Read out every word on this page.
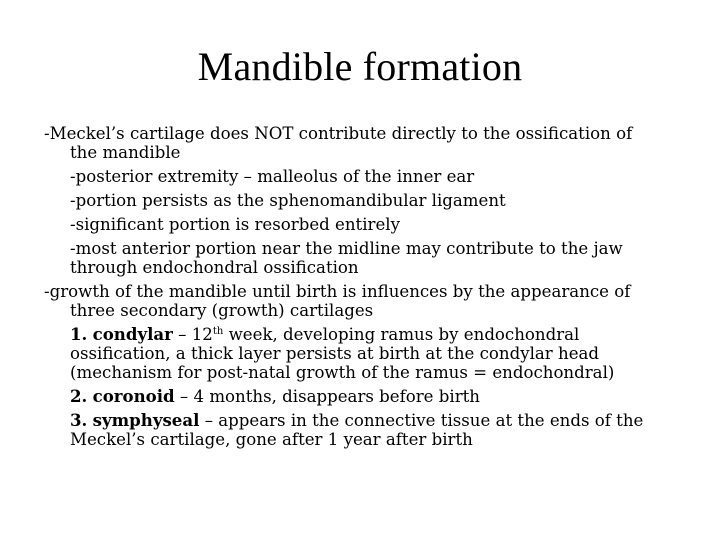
Mandible formation
-Meckel’s cartilage does NOT contribute directly to the ossification of
the mandible
-posterior extremity – malleolus of the inner ear
-portion persists as the sphenomandibular ligament
-significant portion is resorbed entirely
-most anterior portion near the midline may contribute to the jaw
through endochondral ossification
-growth of the mandible until birth is influences by the appearance of
three secondary (growth) cartilages
1. condylar – 12th week, developing ramus by endochondral
ossification, a thick layer persists at birth at the condylar head
(mechanism for post-natal growth of the ramus = endochondral)
2. coronoid – 4 months, disappears before birth
3. symphyseal – appears in the connective tissue at the ends of the
Meckel’s cartilage, gone after 1 year after birth
